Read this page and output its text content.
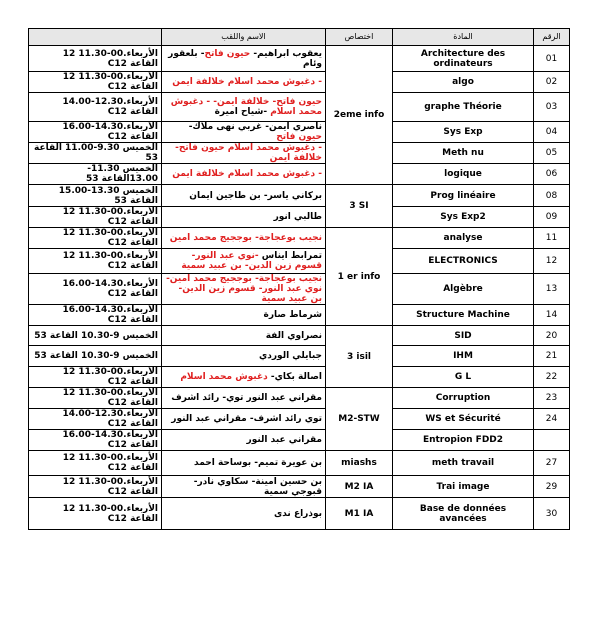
	الاسم واللقب	اختصاص	المادة	الرقم
الأربعاء.00-11.30 12 القاعة C12	يعقوب ابراهيم- حيون فاتح- بلعقور وئام	2eme info	Architecture des ordinateurs	01
الأربعاء.00-11.30 12 القاعة C12	- دغبوش محمد اسلام خلالفة ايمن		algo	02
الأربعاء.12.30-14.00 القاعة C12	حيون فاتح- خلالفة ايمن- - دغبوش محمد اسلام -شياح اميرة		graphe Théorie	03
الأربعاء.14.30-16.00 القاعة C12	ناصري ايمن- غربي نهى ملاك- حيون فاتح		Sys Exp	04
الخميس 9.30-11.00 القاعة 53	- دغبوش محمد اسلام حيون فاتح- خلالفة ايمن		Meth nu	05
الخميس 11.30-13.00القاعة 53	- دغبوش محمد اسلام خلالفة ايمن		logique	06
الخميس 13.30-15.00 القاعة 53	بركاني ياسر- بن طاجين ايمان	3 SI	Prog linéaire	08
الأربعاء.00-11.30 12 القاعة C12	طالبي انور		Sys Exp2	09
الأربعاء.00-11.30 12 القاعة C12	نجيب بوعجاجة- بوججيج محمد امين	1 er info	analyse	11
الأربعاء.00-11.30 12 القاعة C12	تمرابط ايناس -نوي عبد النور- قسوم زين الدين- بن عبيد سمية		ELECTRONICS	12
الأربعاء.14.30-16.00 القاعة C12	نجيب بوعجاجة- بوججيج محمد امين- نوي عبد النور- قسوم زين الدين- بن عبيد سمية		Algèbre	13
الأربعاء.14.30-16.00 القاعة C12	شرماط صارة		Structure Machine	14
الخميس 9-10.30 القاعة 53	نصراوي الفة	3 isil	SID	20
الخميس 9-10.30 القاعة 53	جبايلي الوردي		IHM	21
الأربعاء.00-11.30 12 القاعة C12	اصالة بكاي- دغبوش محمد اسلام		G L	22
الأربعاء.00-11.30 12 القاعة C12	مقراني عبد النور توي- رائد اشرف	M2-STW	Corruption	23
الأربعاء.12.30-14.00 القاعة C12	توي رائد اشرف- مقراني عبد النور		WS et Sécurité	24
الأربعاء.14.30-16.00 القاعة C12	مقراني عبد النور		Entropion FDD2	
الأربعاء.00-11.30 12 القاعة C12	بن عويرة تميم- بوساحة احمد	miashs	meth travail	27
الأربعاء.00-11.30 12 القاعة C12	بن حسين امينة- سكاوي نادر- قبوجي سمية	M2 IA	Trai image	29
الأربعاء.00-11.30 12 القاعة C12	بوذراع ندى	M1 IA	Base de données avancées	30
